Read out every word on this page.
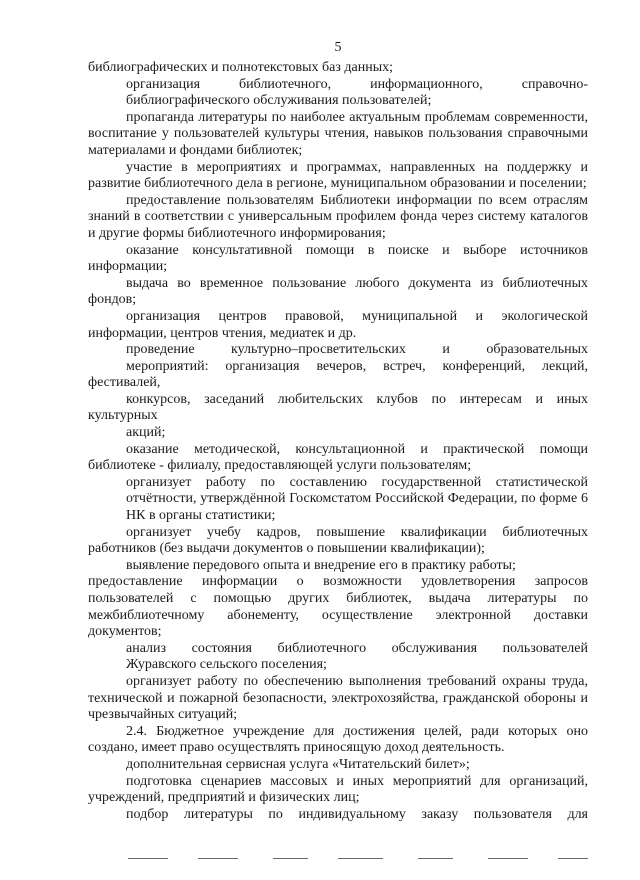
5

библиографических и полнотекстовых баз данных;

организация библиотечного, информационного, справочно-
библиографического обслуживания пользователей;

пропаганда литературы по наиболее актуальным проблемам современности, воспитание у пользователей культуры чтения, навыков пользования справочными материалами и фондами библиотек;

участие в мероприятиях и программах, направленных на поддержку и развитие библиотечного дела в регионе, муниципальном образовании и поселении;

предоставление пользователям Библиотеки информации по всем отраслям знаний в соответствии с универсальным профилем фонда через систему каталогов и другие формы библиотечного информирования;

оказание консультативной помощи в поиске и выборе источников информации;

выдача во временное пользование любого документа из библиотечных фондов;

организация центров правовой, муниципальной и экологической информации, центров чтения, медиатек и др.

проведение культурно–просветительских и образовательных
мероприятий: организация вечеров, встреч, конференций, лекций, фестивалей,
конкурсов, заседаний любительских клубов по интересам и иных культурных
акций;

оказание методической, консультационной и практической помощи библиотеке - филиалу, предоставляющей услуги пользователям;

организует работу по составлению государственной статистической
отчётности, утверждённой Госкомстатом Российской Федерации, по форме 6
НК в органы статистики;

организует учебу кадров, повышение квалификации библиотечных работников (без выдачи документов о повышении квалификации);

выявление передового опыта и внедрение его в практику работы;

предоставление информации о возможности удовлетворения запросов
пользователей с помощью других библиотек, выдача литературы по
межбиблиотечному абонементу, осуществление электронной доставки
документов;

анализ состояния библиотечного обслуживания пользователей
Журавского сельского поселения;

организует работу по обеспечению выполнения требований охраны труда, технической и пожарной безопасности, электрохозяйства, гражданской обороны и чрезвычайных ситуаций;

2.4. Бюджетное учреждение для достижения целей, ради которых оно создано, имеет право осуществлять приносящую доход деятельность.

дополнительная сервисная услуга «Читательский билет»;

подготовка сценариев массовых и иных мероприятий для организаций, учреждений, предприятий и физических лиц;

подбор литературы по индивидуальному заказу пользователя для
